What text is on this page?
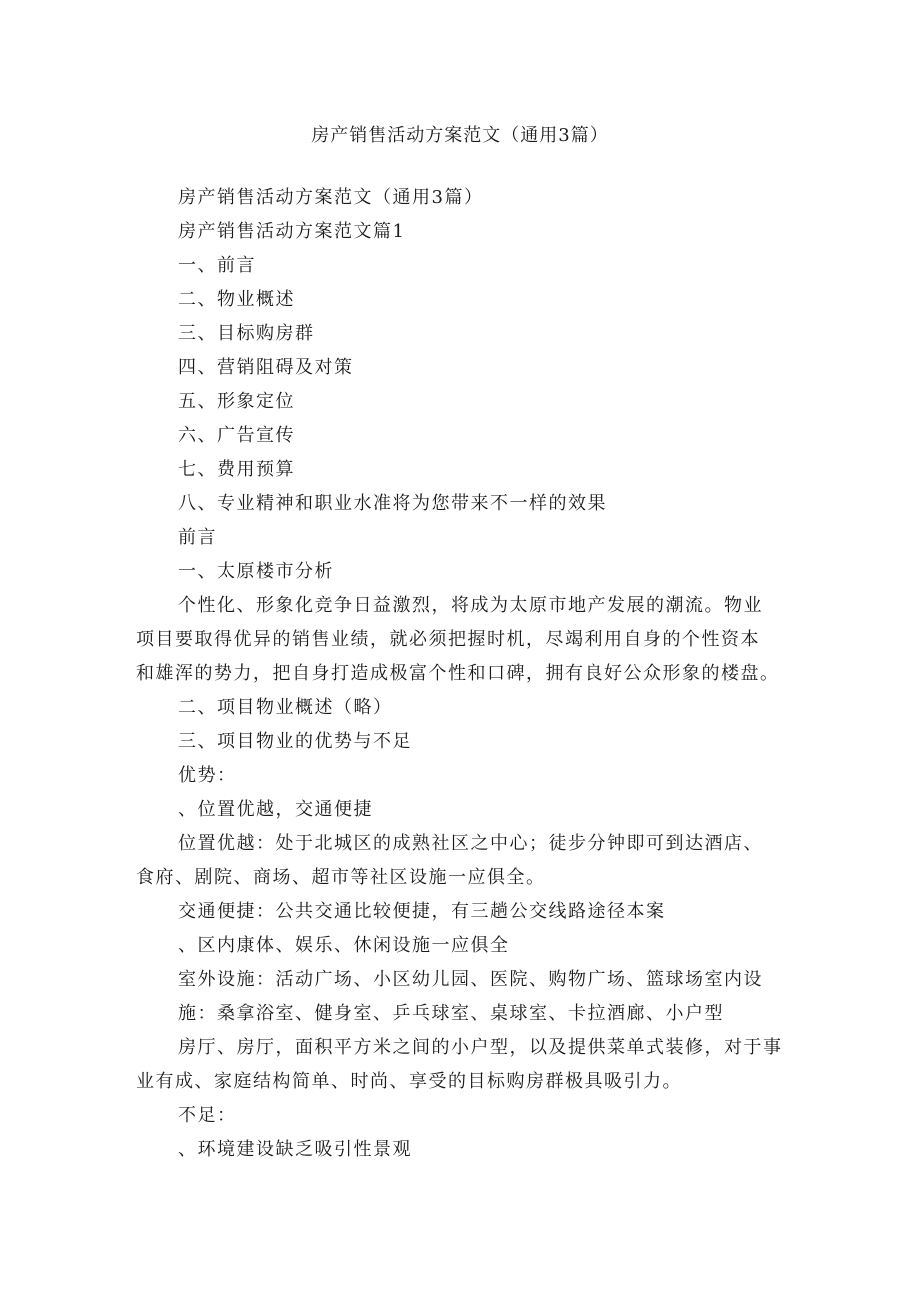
房产销售活动方案范文（通用3篇）
房产销售活动方案范文（通用3篇）
房产销售活动方案范文篇1
一、前言
二、物业概述
三、目标购房群
四、营销阻碍及对策
五、形象定位
六、广告宣传
七、费用预算
八、专业精神和职业水准将为您带来不一样的效果
前言
一、太原楼市分析
个性化、形象化竞争日益激烈，将成为太原市地产发展的潮流。物业
项目要取得优异的销售业绩，就必须把握时机，尽竭利用自身的个性资本
和雄浑的势力，把自身打造成极富个性和口碑，拥有良好公众形象的楼盘。
二、项目物业概述（略）
三、项目物业的优势与不足
优势：
、位置优越，交通便捷
位置优越：处于北城区的成熟社区之中心；徒步分钟即可到达酒店、
食府、剧院、商场、超市等社区设施一应俱全。
交通便捷：公共交通比较便捷，有三趟公交线路途径本案
、区内康体、娱乐、休闲设施一应俱全
室外设施：活动广场、小区幼儿园、医院、购物广场、篮球场室内设
施：桑拿浴室、健身室、乒乓球室、桌球室、卡拉酒廊、小户型
房厅、房厅，面积平方米之间的小户型，以及提供菜单式装修，对于事
业有成、家庭结构简单、时尚、享受的目标购房群极具吸引力。
不足：
、环境建设缺乏吸引性景观
